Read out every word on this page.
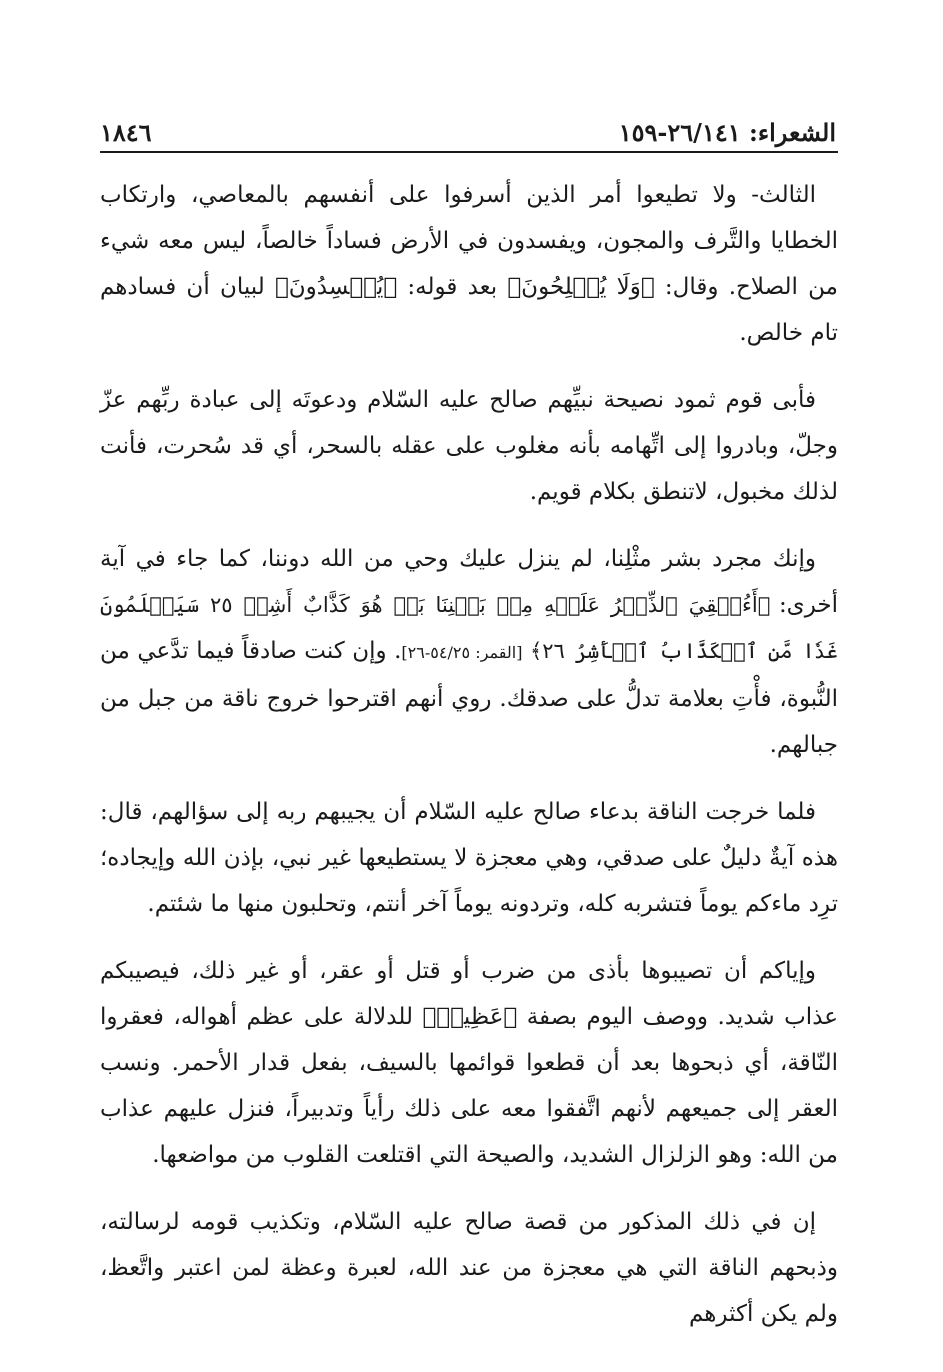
الشعراء: ٢٦/١٤١-١٥٩
١٨٤٦

الثالث- ولا تطيعوا أمر الذين أسرفوا على أنفسهم بالمعاصي، وارتكاب الخطايا والتَّرف والمجون، ويفسدون في الأرض فساداً خالصاً، ليس معه شيء من الصلاح. وقال: ﴿وَلَا يُصۡلِحُونَ﴾ بعد قوله: ﴿يُفۡسِدُونَ﴾ لبيان أن فسادهم تام خالص.

فأبى قوم ثمود نصيحة نبيِّهم صالح عليه السّلام ودعوتَه إلى عبادة ربِّهم عزّ وجلّ، وبادروا إلى اتِّهامه بأنه مغلوب على عقله بالسحر، أي قد سُحرت، فأنت لذلك مخبول، لاتنطق بكلام قويم.

وإنك مجرد بشر مثْلِنا، لم ينزل عليك وحي من الله دوننا، كما جاء في آية أخرى: ﴿أَءُلۡقِيَ ٱلذِّكۡرُ عَلَيۡهِ مِنۢ بَيۡنِنَا بَلۡ هُوَ كَذَّابٌ أَشِرٞ ٢٥ سَيَعۡلَمُونَ غَدٗا مَّنِ ٱلۡكَذَّابُ ٱلۡأَشِرُ ٢٦﴾ [القمر: ٥٤/٢٥-٢٦]. وإن كنت صادقاً فيما تدَّعي من النُّبوة، فأْتِ بعلامة تدلُّ على صدقك. روي أنهم اقترحوا خروج ناقة من جبل من جبالهم.

فلما خرجت الناقة بدعاء صالح عليه السّلام أن يجيبهم ربه إلى سؤالهم، قال: هذه آيةٌ دليلٌ على صدقي، وهي معجزة لا يستطيعها غير نبي، بإذن الله وإيجاده؛ ترِد ماءكم يوماً فتشربه كله، وتردونه يوماً آخر أنتم، وتحلبون منها ما شئتم.

وإياكم أن تصيبوها بأذى من ضرب أو قتل أو عقر، أو غير ذلك، فيصيبكم عذاب شديد. ووصف اليوم بصفة ﴿عَظِيمٖ﴾ للدلالة على عظم أهواله، فعقروا النّاقة، أي ذبحوها بعد أن قطعوا قوائمها بالسيف، بفعل قدار الأحمر. ونسب العقر إلى جميعهم لأنهم اتَّفقوا معه على ذلك رأياً وتدبيراً، فنزل عليهم عذاب من الله: وهو الزلزال الشديد، والصيحة التي اقتلعت القلوب من مواضعها.

إن في ذلك المذكور من قصة صالح عليه السّلام، وتكذيب قومه لرسالته، وذبحهم الناقة التي هي معجزة من عند الله، لعبرة وعظة لمن اعتبر واتَّعظ، ولم يكن أكثرهم
